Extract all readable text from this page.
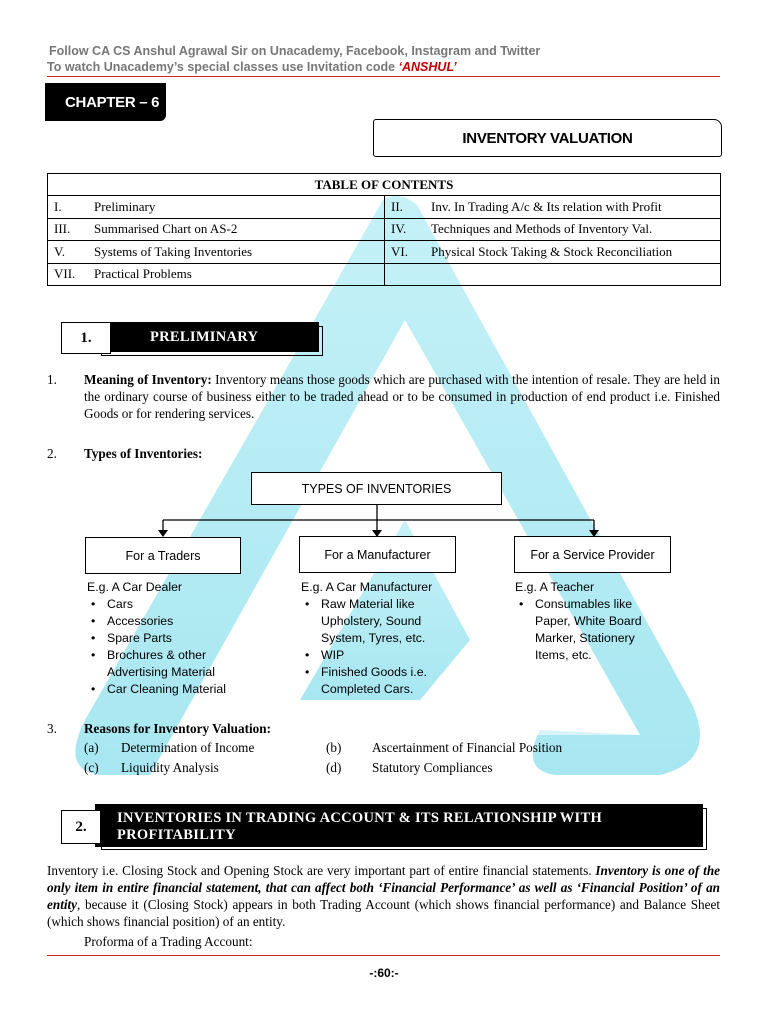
Follow CA CS Anshul Agrawal Sir on Unacademy, Facebook, Instagram and Twitter
To watch Unacademy’s special classes use Invitation code ‘ANSHUL’
CHAPTER – 6
INVENTORY VALUATION
TABLE OF CONTENTS	
I. Preliminary	II. Inv. In Trading A/c & Its relation with Profit
III. Summarised Chart on AS-2	IV. Techniques and Methods of Inventory Val.
V. Systems of Taking Inventories	VI. Physical Stock Taking & Stock Reconciliation
VII. Practical Problems	
PRELIMINARY
1.
1.	Meaning of Inventory: Inventory means those goods which are purchased with the intention of resale. They are held in the ordinary course of business either to be traded ahead or to be consumed in production of end product i.e. Finished Goods or for rendering services.
2.	Types of Inventories:
TYPES OF INVENTORIES
For a Traders	For a Manufacturer	For a Service Provider
E.g. A Car Dealer
• Cars
• Accessories
• Spare Parts
• Brochures & other Advertising Material
• Car Cleaning Material
E.g. A Car Manufacturer
• Raw Material like Upholstery, Sound System, Tyres, etc.
• WIP
• Finished Goods i.e. Completed Cars.
E.g. A Teacher
• Consumables like Paper, White Board Marker, Stationery Items, etc.
3.	Reasons for Inventory Valuation:
(a) Determination of Income	(b) Ascertainment of Financial Position
(c) Liquidity Analysis	(d) Statutory Compliances
INVENTORIES IN TRADING ACCOUNT & ITS RELATIONSHIP WITH
PROFITABILITY
2.
Inventory i.e. Closing Stock and Opening Stock are very important part of entire financial statements. Inventory is one of the only item in entire financial statement, that can affect both ‘Financial Performance’ as well as ‘Financial Position’ of an entity, because it (Closing Stock) appears in both Trading Account (which shows financial performance) and Balance Sheet (which shows financial position) of an entity.
Proforma of a Trading Account:
-:60:-
